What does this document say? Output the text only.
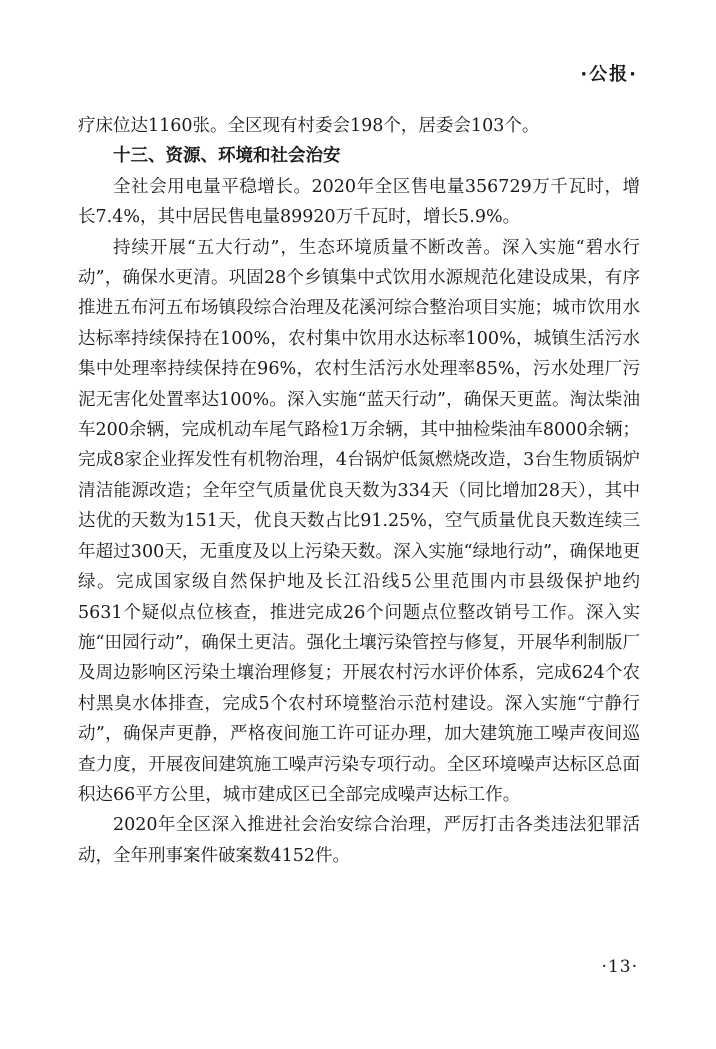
·公报·

疗床位达1160张。全区现有村委会198个，居委会103个。

十三、资源、环境和社会治安

全社会用电量平稳增长。2020年全区售电量356729万千瓦时，增长7.4%，其中居民售电量89920万千瓦时，增长5.9%。

持续开展“五大行动”，生态环境质量不断改善。深入实施“碧水行动”，确保水更清。巩固28个乡镇集中式饮用水源规范化建设成果，有序推进五布河五布场镇段综合治理及花溪河综合整治项目实施；城市饮用水达标率持续保持在100%，农村集中饮用水达标率100%，城镇生活污水集中处理率持续保持在96%，农村生活污水处理率85%，污水处理厂污泥无害化处置率达100%。深入实施“蓝天行动”，确保天更蓝。淘汰柴油车200余辆，完成机动车尾气路检1万余辆，其中抽检柴油车8000余辆；完成8家企业挥发性有机物治理，4台锅炉低氮燃烧改造，3台生物质锅炉清洁能源改造；全年空气质量优良天数为334天（同比增加28天），其中达优的天数为151天，优良天数占比91.25%，空气质量优良天数连续三年超过300天，无重度及以上污染天数。深入实施“绿地行动”，确保地更绿。完成国家级自然保护地及长江沿线5公里范围内市县级保护地约5631个疑似点位核查，推进完成26个问题点位整改销号工作。深入实施“田园行动”，确保土更洁。强化土壤污染管控与修复，开展华利制版厂及周边影响区污染土壤治理修复；开展农村污水评价体系，完成624个农村黑臭水体排查，完成5个农村环境整治示范村建设。深入实施“宁静行动”，确保声更静，严格夜间施工许可证办理，加大建筑施工噪声夜间巡查力度，开展夜间建筑施工噪声污染专项行动。全区环境噪声达标区总面积达66平方公里，城市建成区已全部完成噪声达标工作。

2020年全区深入推进社会治安综合治理，严厉打击各类违法犯罪活动，全年刑事案件破案数4152件。

·13·
